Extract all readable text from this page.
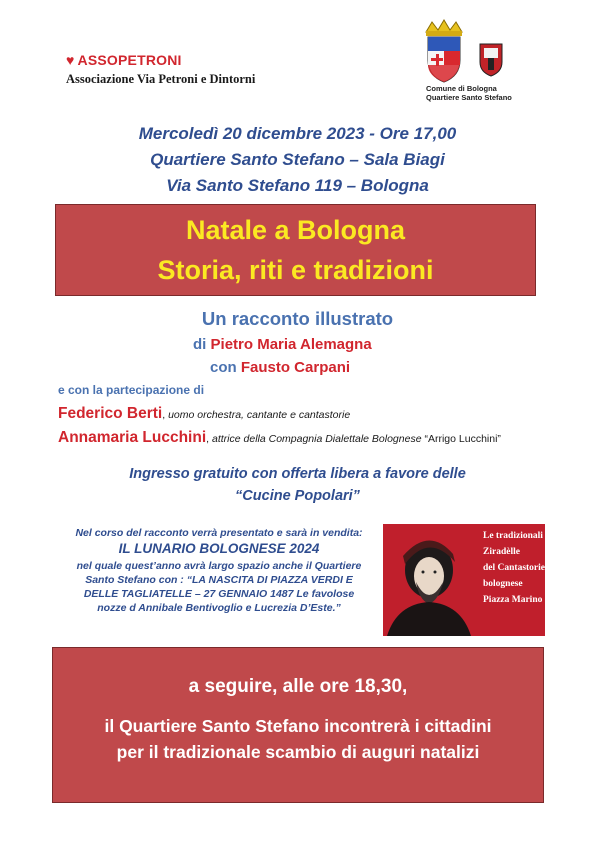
♥ ASSOPETRONI
Associazione Via Petroni e Dintorni
Comune di Bologna
Quartiere Santo Stefano
Mercoledì 20 dicembre 2023 - Ore 17,00
Quartiere Santo Stefano – Sala Biagi
Via Santo Stefano 119 – Bologna
Natale a Bologna
Storia, riti e tradizioni
Un racconto illustrato
di Pietro Maria Alemagna
con Fausto Carpani
e con la partecipazione di
Federico Berti, uomo orchestra, cantante e cantastorie
Annamaria Lucchini, attrice della Compagnia Dialettale Bolognese “Arrigo Lucchini”
Ingresso gratuito con offerta libera a favore delle
“Cucine Popolari”
Nel corso del racconto verrà presentato e sarà in vendita:
IL LUNARIO BOLOGNESE 2024
nel quale quest’anno avrà largo spazio anche il Quartiere
Santo Stefano con : “LA NASCITA DI PIAZZA VERDI E
DELLE TAGLIATELLE – 27 GENNAIO 1487 Le favolose
nozze d Annibale Bentivoglio e Lucrezia D’Este.”
Le tradizionali
Ziradèlle
del Cantastorie
bolognese
Piazza Marino
a seguire, alle ore 18,30,
il Quartiere Santo Stefano incontrerà i cittadini
per il tradizionale scambio di auguri natalizi
